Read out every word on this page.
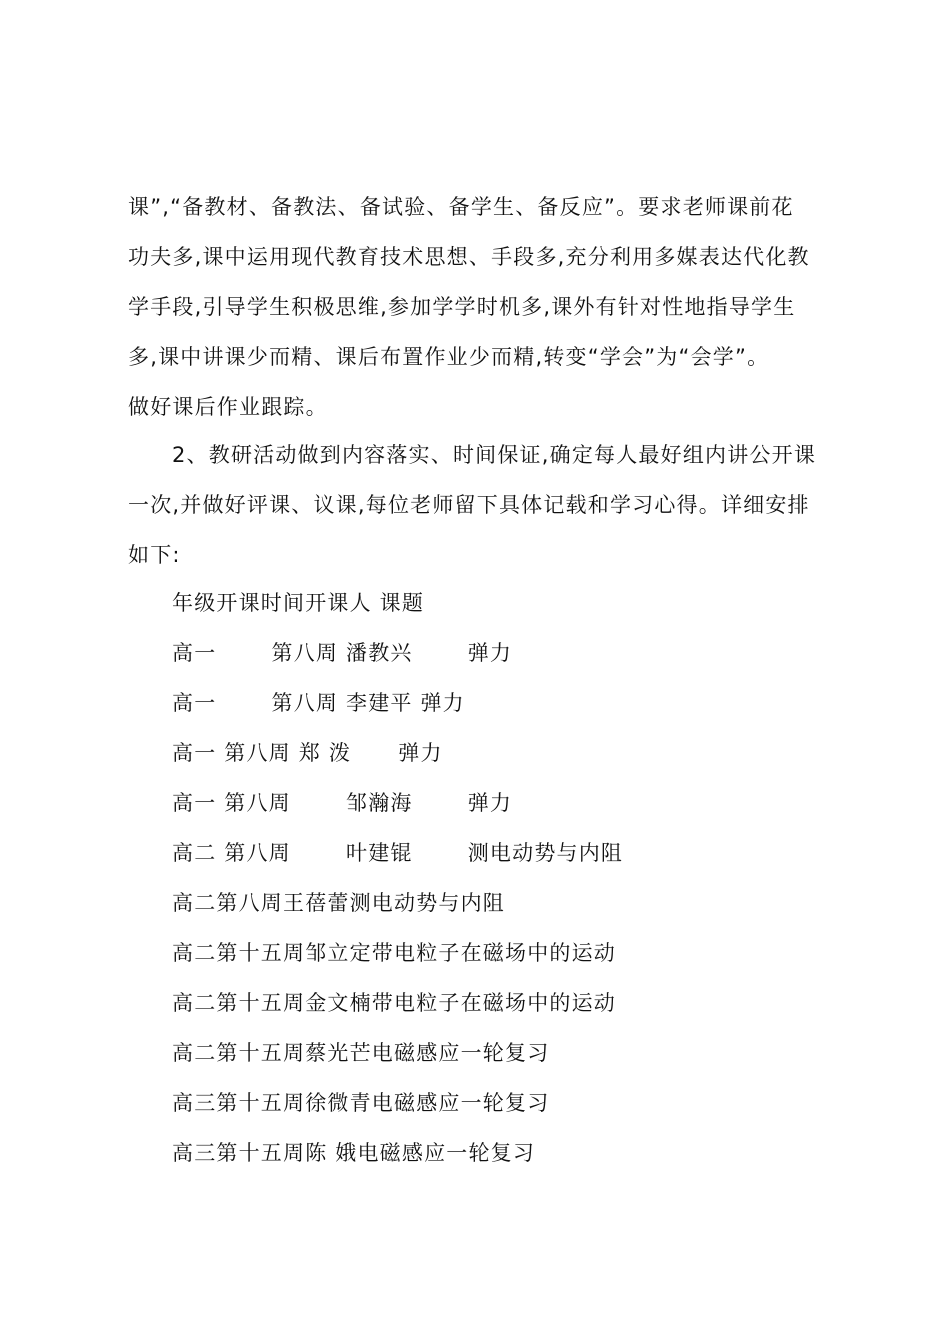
课”,“备教材、备教法、备试验、备学生、备反应”。要求老师课前花
功夫多,课中运用现代教育技术思想、手段多,充分利用多媒表达代化教
学手段,引导学生积极思维,参加学学时机多,课外有针对性地指导学生
多,课中讲课少而精、课后布置作业少而精,转变“学会”为“会学”。
做好课后作业跟踪。
2、教研活动做到内容落实、时间保证,确定每人最好组内讲公开课
一次,并做好评课、议课,每位老师留下具体记载和学习心得。详细安排
如下:
年级开课时间开课人 课题
高一       第八周 潘教兴       弹力
高一       第八周 李建平 弹力
高一 第八周 郑 泼      弹力
高一 第八周       邹瀚海       弹力
高二 第八周       叶建锟       测电动势与内阻
高二第八周王蓓蕾测电动势与内阻
高二第十五周邹立定带电粒子在磁场中的运动
高二第十五周金文楠带电粒子在磁场中的运动
高二第十五周蔡光芒电磁感应一轮复习
高三第十五周徐微青电磁感应一轮复习
高三第十五周陈 娥电磁感应一轮复习
